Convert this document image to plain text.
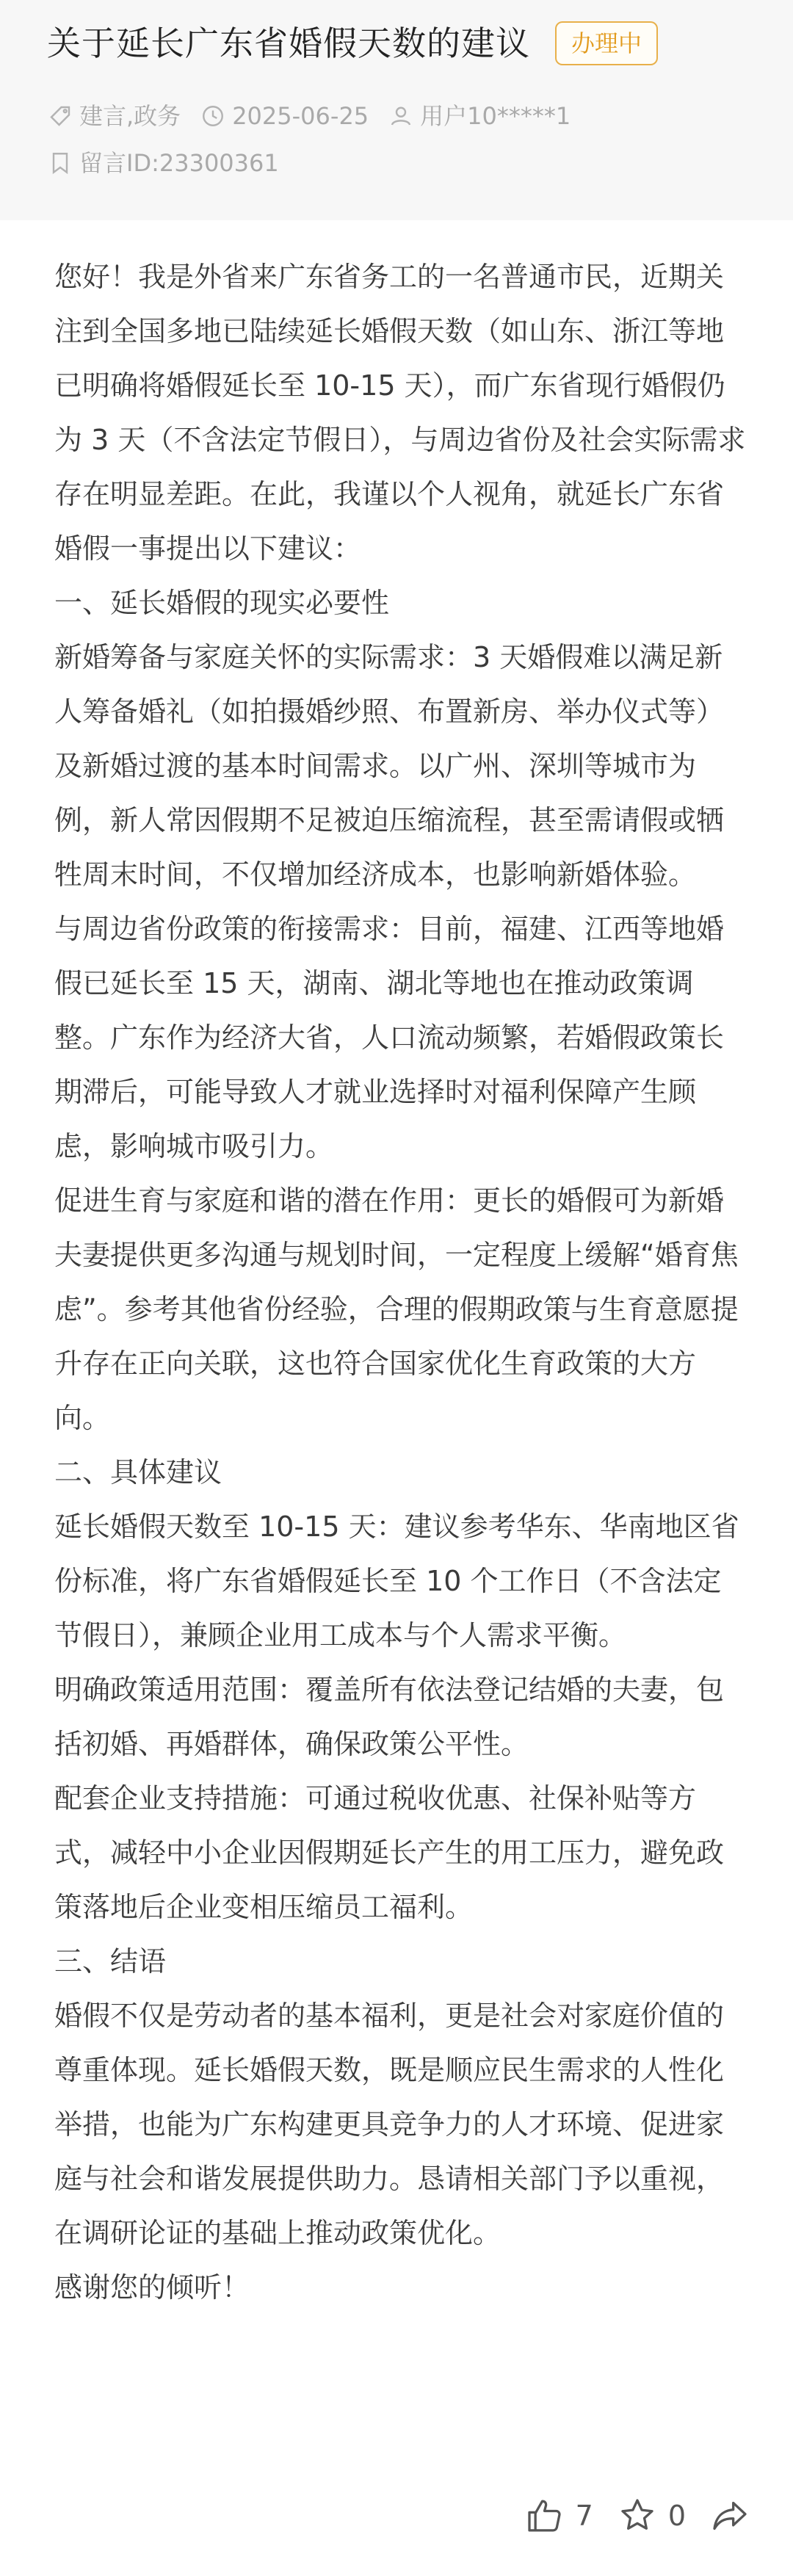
关于延长广东省婚假天数的建议	办理中
建言,政务 2025-06-25 用户10*****1
留言ID:23300361

您好！我是外省来广东省务工的一名普通市民，近期关注到全国多地已陆续延长婚假天数（如山东、浙江等地已明确将婚假延长至 10-15 天），而广东省现行婚假仍为 3 天（不含法定节假日），与周边省份及社会实际需求存在明显差距。在此，我谨以个人视角，就延长广东省婚假一事提出以下建议：

一、延长婚假的现实必要性

新婚筹备与家庭关怀的实际需求：3 天婚假难以满足新人筹备婚礼（如拍摄婚纱照、布置新房、举办仪式等）及新婚过渡的基本时间需求。以广州、深圳等城市为例，新人常因假期不足被迫压缩流程，甚至需请假或牺牲周末时间，不仅增加经济成本，也影响新婚体验。

与周边省份政策的衔接需求：目前，福建、江西等地婚假已延长至 15 天，湖南、湖北等地也在推动政策调整。广东作为经济大省，人口流动频繁，若婚假政策长期滞后，可能导致人才就业选择时对福利保障产生顾虑，影响城市吸引力。

促进生育与家庭和谐的潜在作用：更长的婚假可为新婚夫妻提供更多沟通与规划时间，一定程度上缓解“婚育焦虑”。参考其他省份经验，合理的假期政策与生育意愿提升存在正向关联，这也符合国家优化生育政策的大方向。

二、具体建议

延长婚假天数至 10-15 天：建议参考华东、华南地区省份标准，将广东省婚假延长至 10 个工作日（不含法定节假日），兼顾企业用工成本与个人需求平衡。

明确政策适用范围：覆盖所有依法登记结婚的夫妻，包括初婚、再婚群体，确保政策公平性。

配套企业支持措施：可通过税收优惠、社保补贴等方式，减轻中小企业因假期延长产生的用工压力，避免政策落地后企业变相压缩员工福利。

三、结语

婚假不仅是劳动者的基本福利，更是社会对家庭价值的尊重体现。延长婚假天数，既是顺应民生需求的人性化举措，也能为广东构建更具竞争力的人才环境、促进家庭与社会和谐发展提供助力。恳请相关部门予以重视，在调研论证的基础上推动政策优化。

感谢您的倾听！

7	0
